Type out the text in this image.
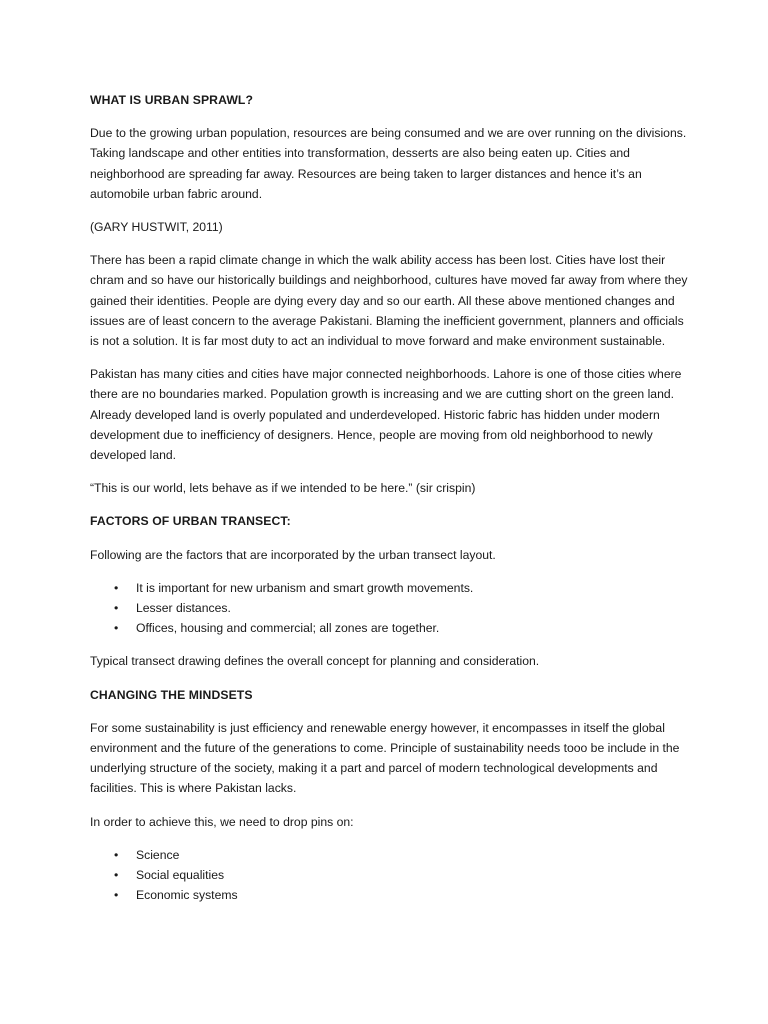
WHAT IS URBAN SPRAWL?
Due to the growing urban population, resources are being consumed and we are over running on the divisions. Taking landscape and other entities into transformation, desserts are also being eaten up. Cities and neighborhood are spreading far away. Resources are being taken to larger distances and hence it’s an automobile urban fabric around.
(GARY HUSTWIT, 2011)
There has been a rapid climate change in which the walk ability access has been lost. Cities have lost their chram and so have our historically buildings and neighborhood, cultures have moved far away from where they gained their identities. People are dying every day and so our earth. All these above mentioned changes and issues are of least concern to the average Pakistani. Blaming the inefficient government, planners and officials is not a solution. It is far most duty to act an individual to move forward and make environment sustainable.
Pakistan has many cities and cities have major connected neighborhoods. Lahore is one of those cities where there are no boundaries marked. Population growth is increasing and we are cutting short on the green land. Already developed land is overly populated and underdeveloped. Historic fabric has hidden under modern development due to inefficiency of designers. Hence, people are moving from old neighborhood to newly developed land.
“This is our world, lets behave as if we intended to be here.” (sir crispin)
FACTORS OF URBAN TRANSECT:
Following are the factors that are incorporated by the urban transect layout.
• It is important for new urbanism and smart growth movements.
• Lesser distances.
• Offices, housing and commercial; all zones are together.
Typical transect drawing defines the overall concept for planning and consideration.
CHANGING THE MINDSETS
For some sustainability is just efficiency and renewable energy however, it encompasses in itself the global environment and the future of the generations to come. Principle of sustainability needs tooo be include in the underlying structure of the society, making it a part and parcel of modern technological developments and facilities. This is where Pakistan lacks.
In order to achieve this, we need to drop pins on:
• Science
• Social equalities
• Economic systems
